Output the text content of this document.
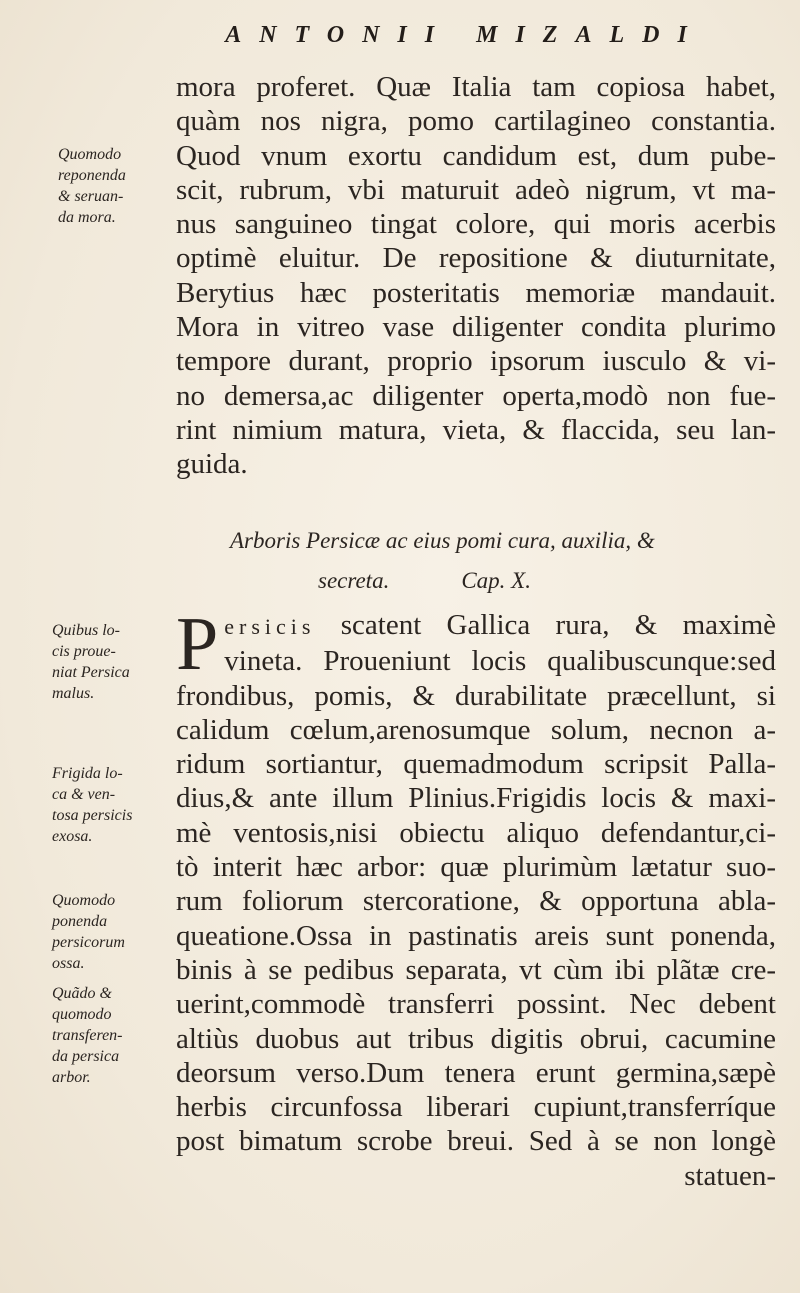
ANTONII MIZALDI
mora proferet. Quæ Italia tam copiosa habet,
quàm nos nigra, pomo cartilagineo constantia.
Quod vnum exortu candidum est, dum pube-
scit, rubrum, vbi maturuit adeò nigrum, vt ma-
nus sanguineo tingat colore, qui moris acerbis
optimè eluitur. De repositione & diuturnitate,
Berytius hæc posteritatis memoriæ mandauit.
Mora in vitreo vase diligenter condita plurimo
tempore durant, proprio ipsorum iusculo & vi-
no demersa,ac diligenter operta,modò non fue-
rint nimium matura, vieta, & flaccida, seu lan-
guida.
Arboris Persicæ ac eius pomi cura, auxilia, &
secreta.	Cap. X.
P ersicis scatent Gallica rura, & maximè
vineta. Proueniunt locis qualibuscunque:sed
frondibus, pomis, & durabilitate præcellunt, si
calidum cœlum,arenosumque solum, necnon a-
ridum sortiantur, quemadmodum scripsit Palla-
dius,& ante illum Plinius.Frigidis locis & maxi-
mè ventosis,nisi obiectu aliquo defendantur,ci-
tò interit hæc arbor: quæ plurimùm lætatur suo-
rum foliorum stercoratione, & opportuna abla-
queatione.Ossa in pastinatis areis sunt ponenda,
binis à se pedibus separata, vt cùm ibi plãtæ cre-
uerint,commodè transferri possint. Nec debent
altiùs duobus aut tribus digitis obrui, cacumine
deorsum verso.Dum tenera erunt germina,sæpè
herbis circunfossa liberari cupiunt,transferríque
post bimatum scrobe breui. Sed à se non longè
statuen-
Quomodo
reponenda
& seruan-
da mora.
Quibus lo-
cis proue-
niat Persica
malus.
Frigida lo-
ca & ven-
tosa persicis
exosa.
Quomodo
ponenda
persicorum
ossa.
Quãdo &
quomodo
transferen-
da persica
arbor.
